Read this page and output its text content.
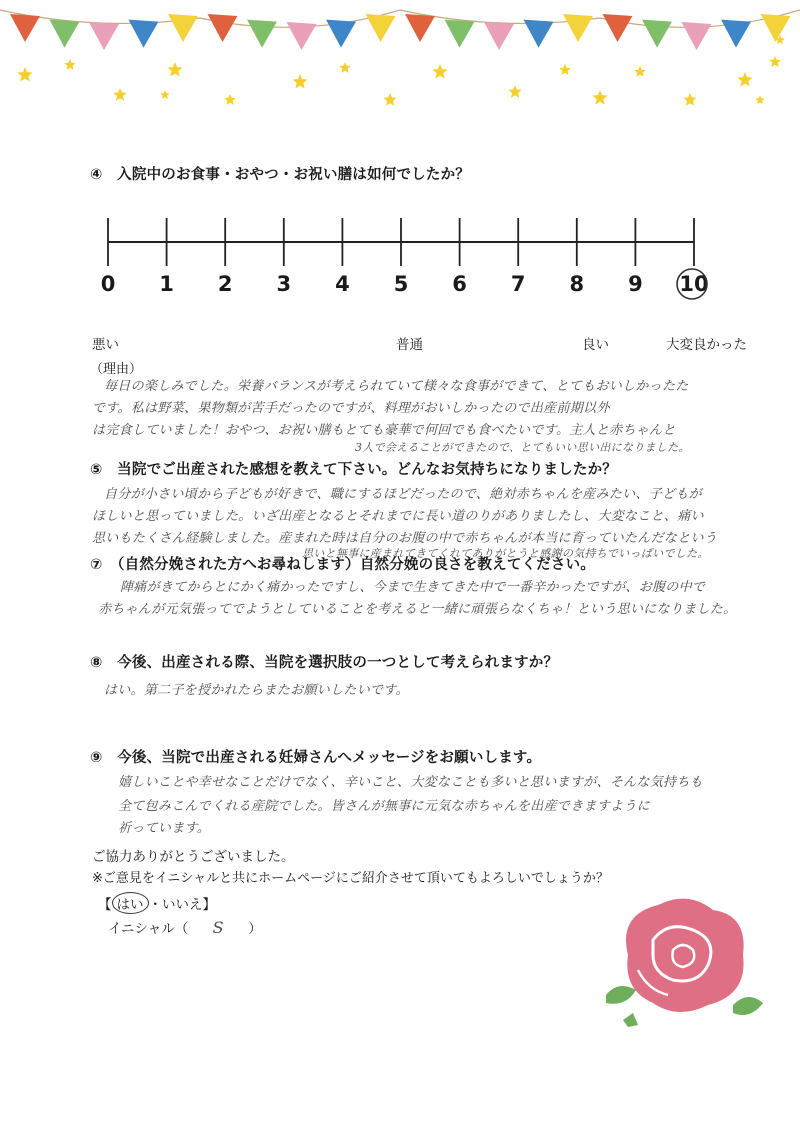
④　入院中のお食事・おやつ・お祝い膳は如何でしたか？
0	1	2	3	4	5	6	7	8	9	10
悪い	普通	良い	大変良かった
（理由）
毎日の楽しみでした。栄養バランスが考えられていて様々な食事ができて、とてもおいしかったた
です。私は野菜、果物類が苦手だったのですが、料理がおいしかったので出産前期以外
は完食していました！おやつ、お祝い膳もとても豪華で何回でも食べたいです。主人と赤ちゃんと
3人で会えることができたので、とてもいい思い出になりました。
⑤　当院でご出産された感想を教えて下さい。どんなお気持ちになりましたか？
自分が小さい頃から子どもが好きで、職にするほどだったので、絶対赤ちゃんを産みたい、子どもが
ほしいと思っていました。いざ出産となるとそれまでに長い道のりがありましたし、大変なこと、痛い
思いもたくさん経験しました。産まれた時は自分のお腹の中で赤ちゃんが本当に育っていたんだなという
思いと無事に産まれてきてくれてありがとうと感謝の気持ちでいっぱいでした。
⑦　（自然分娩された方へお尋ねします）自然分娩の良さを教えてください。
陣痛がきてからとにかく痛かったですし、今まで生きてきた中で一番辛かったですが、お腹の中で
赤ちゃんが元気張ってでようとしていることを考えると一緒に頑張らなくちゃ！という思いになりました。
⑧　今後、出産される際、当院を選択肢の一つとして考えられますか？
はい。第二子を授かれたらまたお願いしたいです。
⑨　今後、当院で出産される妊婦さんへメッセージをお願いします。
嬉しいことや幸せなことだけでなく、辛いこと、大変なことも多いと思いますが、そんな気持ちも
全て包みこんでくれる産院でした。皆さんが無事に元気な赤ちゃんを出産できますように
祈っています。
ご協力ありがとうございました。
※ご意見をイニシャルと共にホームページにご紹介させて頂いてもよろしいでしょうか？
【 はい ・いいえ】
イニシャル（ S ）
